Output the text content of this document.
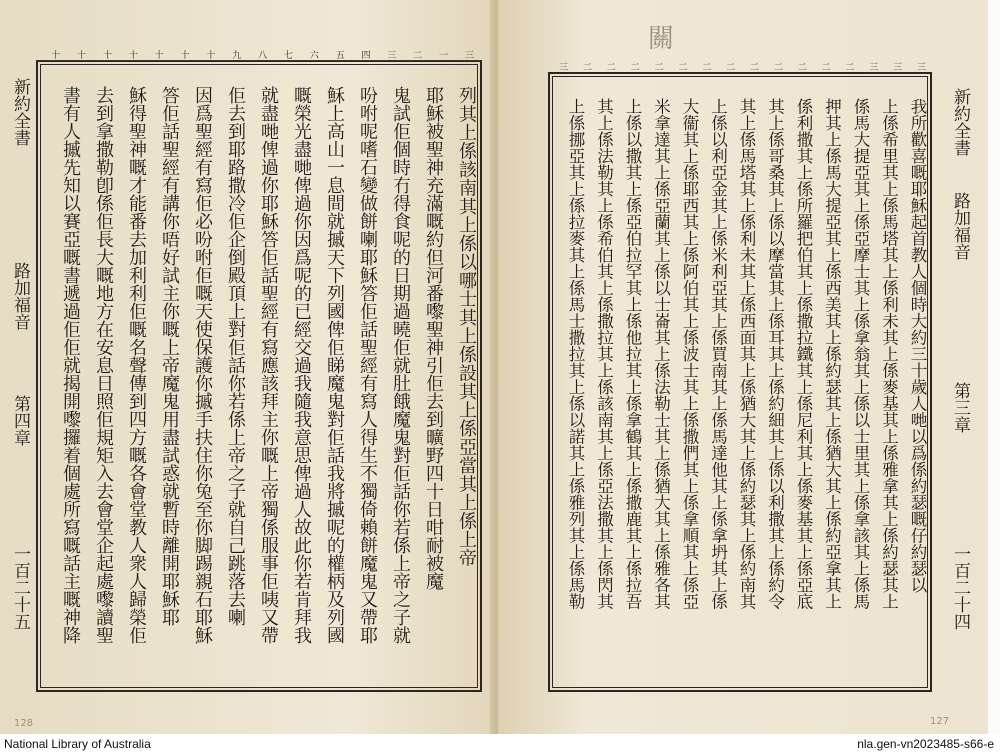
十 十 十 十 十 十 十 九 八 七 六 五 四 三 二 一 三
列其上係該南其上係以哪士其上係設其上係亞當其上係上帝
耶穌被聖神充滿嘅約但河番嚟聖神引佢去到曠野四十日咁耐被魔
鬼試佢個時冇得食呢的日期過曉佢就肚餓魔鬼對佢話你若係上帝之子就
吩咐呢嗜石變做餅喇耶穌答佢話聖經有寫人得生不獨倚賴餅魔鬼又帶耶
穌上高山一息間就摵天下列國俾佢睇魔鬼對佢話我將摵呢的權柄及列國
嘅榮光盡哋俾過你因爲呢的已經交過我隨我意思俾過人故此你若肯拜我
就盡哋俾過你耶穌答佢話聖經有寫應該拜主你嘅上帝獨係服事佢咦又帶
佢去到耶路撒冷佢企倒殿頂上對佢話你若係上帝之子就自己跳落去喇
因爲聖經有寫佢必吩咐佢嘅天使保護你摵手扶住你兔至你脚踢親石耶穌
答佢話聖經有講你唔好試主你嘅上帝魔鬼用盡試惑就暫時離開耶穌耶
穌得聖神嘅才能番去加利利佢嘅名聲傳到四方嘅各會堂教人衆人歸榮佢
去到拿撒勒卽係佢長大嘅地方在安息日照佢規矩入去會堂企起處嚟讀聖
書有人摵先知以賽亞嘅書遞過佢佢就揭開嚟攞着個處所寫嘅話主嘅神降
新約全書
路加福音
第四章
一百二十五
128
關
三 二 二 二 二 二 二 二 二 二 二 二 二 三 三 三
我所歡喜嘅耶穌起首教人個時大約三十歲人哋以爲係約瑟嘅仔約瑟以
上係希里其上係馬塔其上係利未其上係麥基其上係雅拿其上係約瑟其上
係馬大提亞其上係亞摩士其上係拿翁其上係以士里其上係拿該其上係馬
押其上係馬大提亞其上係西美其上係約瑟其上係猶大其上係約亞拿其上
係利撒其上係所羅把伯其上係撒拉鐵其上係尼利其上係麥基其上係亞底
其上係哥桑其上係以摩當其上係耳其上係約細其上係以利撒其上係約令
其上係馬塔其上係利未其上係西面其上係猶大其上係約瑟其上係約南其
上係以利亞金其上係米利亞其上係買南其上係馬達他其上係拿坍其上係
大衞其上係耶西其上係阿伯其上係波士其上係撒們其上係拿順其上係亞
米拿達其上係亞蘭其上係以士崙其上係法勒士其上係猶大其上係雅各其
上係以撒其上係亞伯拉罕其上係他拉其上係拿鶴其上係撒鹿其上係拉吾
其上係法勒其上係希伯其上係撒拉其上係該南其上係亞法撒其上係閃其
上係挪亞其上係拉麥其上係馬士撒拉其上係以諾其上係雅列其上係馬勒	新約全書
路加福音
第三章
一百二十四
127
National Library of Australia	nla.gen-vn2023485-s66-e
